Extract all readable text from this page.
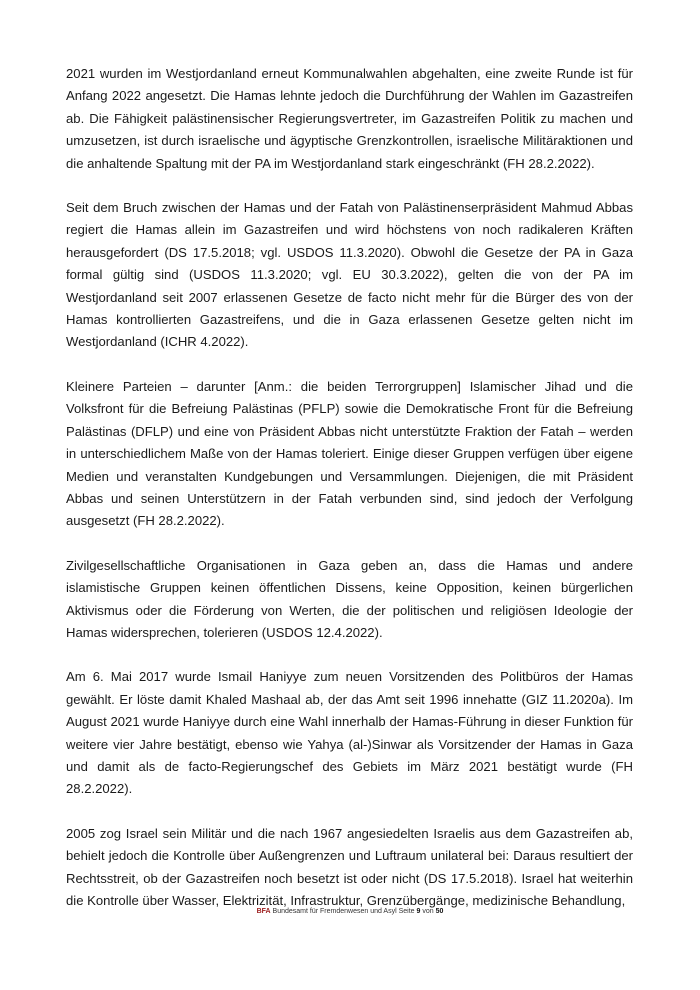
2021 wurden im Westjordanland erneut Kommunalwahlen abgehalten, eine zweite Runde ist für Anfang 2022 angesetzt. Die Hamas lehnte jedoch die Durchführung der Wahlen im Gazastreifen ab. Die Fähigkeit palästinensischer Regierungsvertreter, im Gazastreifen Politik zu machen und umzusetzen, ist durch israelische und ägyptische Grenzkontrollen, israelische Militäraktionen und die anhaltende Spaltung mit der PA im Westjordanland stark eingeschränkt (FH 28.2.2022).

Seit dem Bruch zwischen der Hamas und der Fatah von Palästinenserpräsident Mahmud Abbas regiert die Hamas allein im Gazastreifen und wird höchstens von noch radikaleren Kräften herausgefordert (DS 17.5.2018; vgl. USDOS 11.3.2020). Obwohl die Gesetze der PA in Gaza formal gültig sind (USDOS 11.3.2020; vgl. EU 30.3.2022), gelten die von der PA im Westjordanland seit 2007 erlassenen Gesetze de facto nicht mehr für die Bürger des von der Hamas kontrollierten Gazastreifens, und die in Gaza erlassenen Gesetze gelten nicht im Westjordanland (ICHR 4.2022).

Kleinere Parteien – darunter [Anm.: die beiden Terrorgruppen] Islamischer Jihad und die Volksfront für die Befreiung Palästinas (PFLP) sowie die Demokratische Front für die Befreiung Palästinas (DFLP) und eine von Präsident Abbas nicht unterstützte Fraktion der Fatah – werden in unterschiedlichem Maße von der Hamas toleriert. Einige dieser Gruppen verfügen über eigene Medien und veranstalten Kundgebungen und Versammlungen. Diejenigen, die mit Präsident Abbas und seinen Unterstützern in der Fatah verbunden sind, sind jedoch der Verfolgung ausgesetzt (FH 28.2.2022).

Zivilgesellschaftliche Organisationen in Gaza geben an, dass die Hamas und andere islamistische Gruppen keinen öffentlichen Dissens, keine Opposition, keinen bürgerlichen Aktivismus oder die Förderung von Werten, die der politischen und religiösen Ideologie der Hamas widersprechen, tolerieren (USDOS 12.4.2022).

Am 6. Mai 2017 wurde Ismail Haniyye zum neuen Vorsitzenden des Politbüros der Hamas gewählt. Er löste damit Khaled Mashaal ab, der das Amt seit 1996 innehatte (GIZ 11.2020a). Im August 2021 wurde Haniyye durch eine Wahl innerhalb der Hamas-Führung in dieser Funktion für weitere vier Jahre bestätigt, ebenso wie Yahya (al-)Sinwar als Vorsitzender der Hamas in Gaza und damit als de facto-Regierungschef des Gebiets im März 2021 bestätigt wurde (FH 28.2.2022).

2005 zog Israel sein Militär und die nach 1967 angesiedelten Israelis aus dem Gazastreifen ab, behielt jedoch die Kontrolle über Außengrenzen und Luftraum unilateral bei: Daraus resultiert der Rechtsstreit, ob der Gazastreifen noch besetzt ist oder nicht (DS 17.5.2018). Israel hat weiterhin die Kontrolle über Wasser, Elektrizität, Infrastruktur, Grenzübergänge, medizinische Behandlung,

BFA Bundesamt für Fremdenwesen und Asyl Seite 9 von 50
